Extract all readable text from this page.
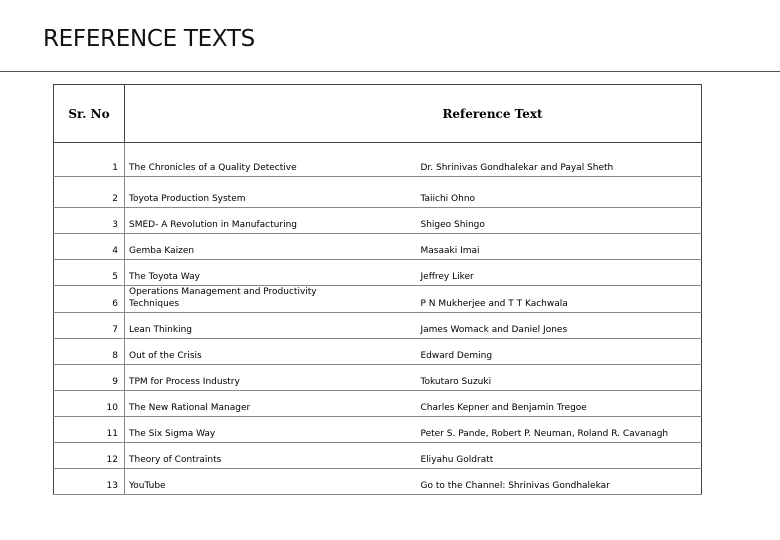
REFERENCE TEXTS
Sr. No	Reference Text	
1	The Chronicles of a Quality Detective	Dr. Shrinivas Gondhalekar and Payal Sheth
2	Toyota Production System	Taiichi Ohno
3	SMED- A Revolution in Manufacturing	Shigeo Shingo
4	Gemba Kaizen	Masaaki Imai
5	The Toyota Way	Jeffrey Liker
6	Operations Management and Productivity Techniques	P N Mukherjee and T T Kachwala
7	Lean Thinking	James Womack and Daniel Jones
8	Out of the Crisis	Edward Deming
9	TPM for Process Industry	Tokutaro Suzuki
10	The New Rational Manager	Charles Kepner and Benjamin Tregoe
11	The Six Sigma Way	Peter S. Pande, Robert P. Neuman, Roland R. Cavanagh
12	Theory of Contraints	Eliyahu Goldratt
13	YouTube	Go to the Channel: Shrinivas Gondhalekar
